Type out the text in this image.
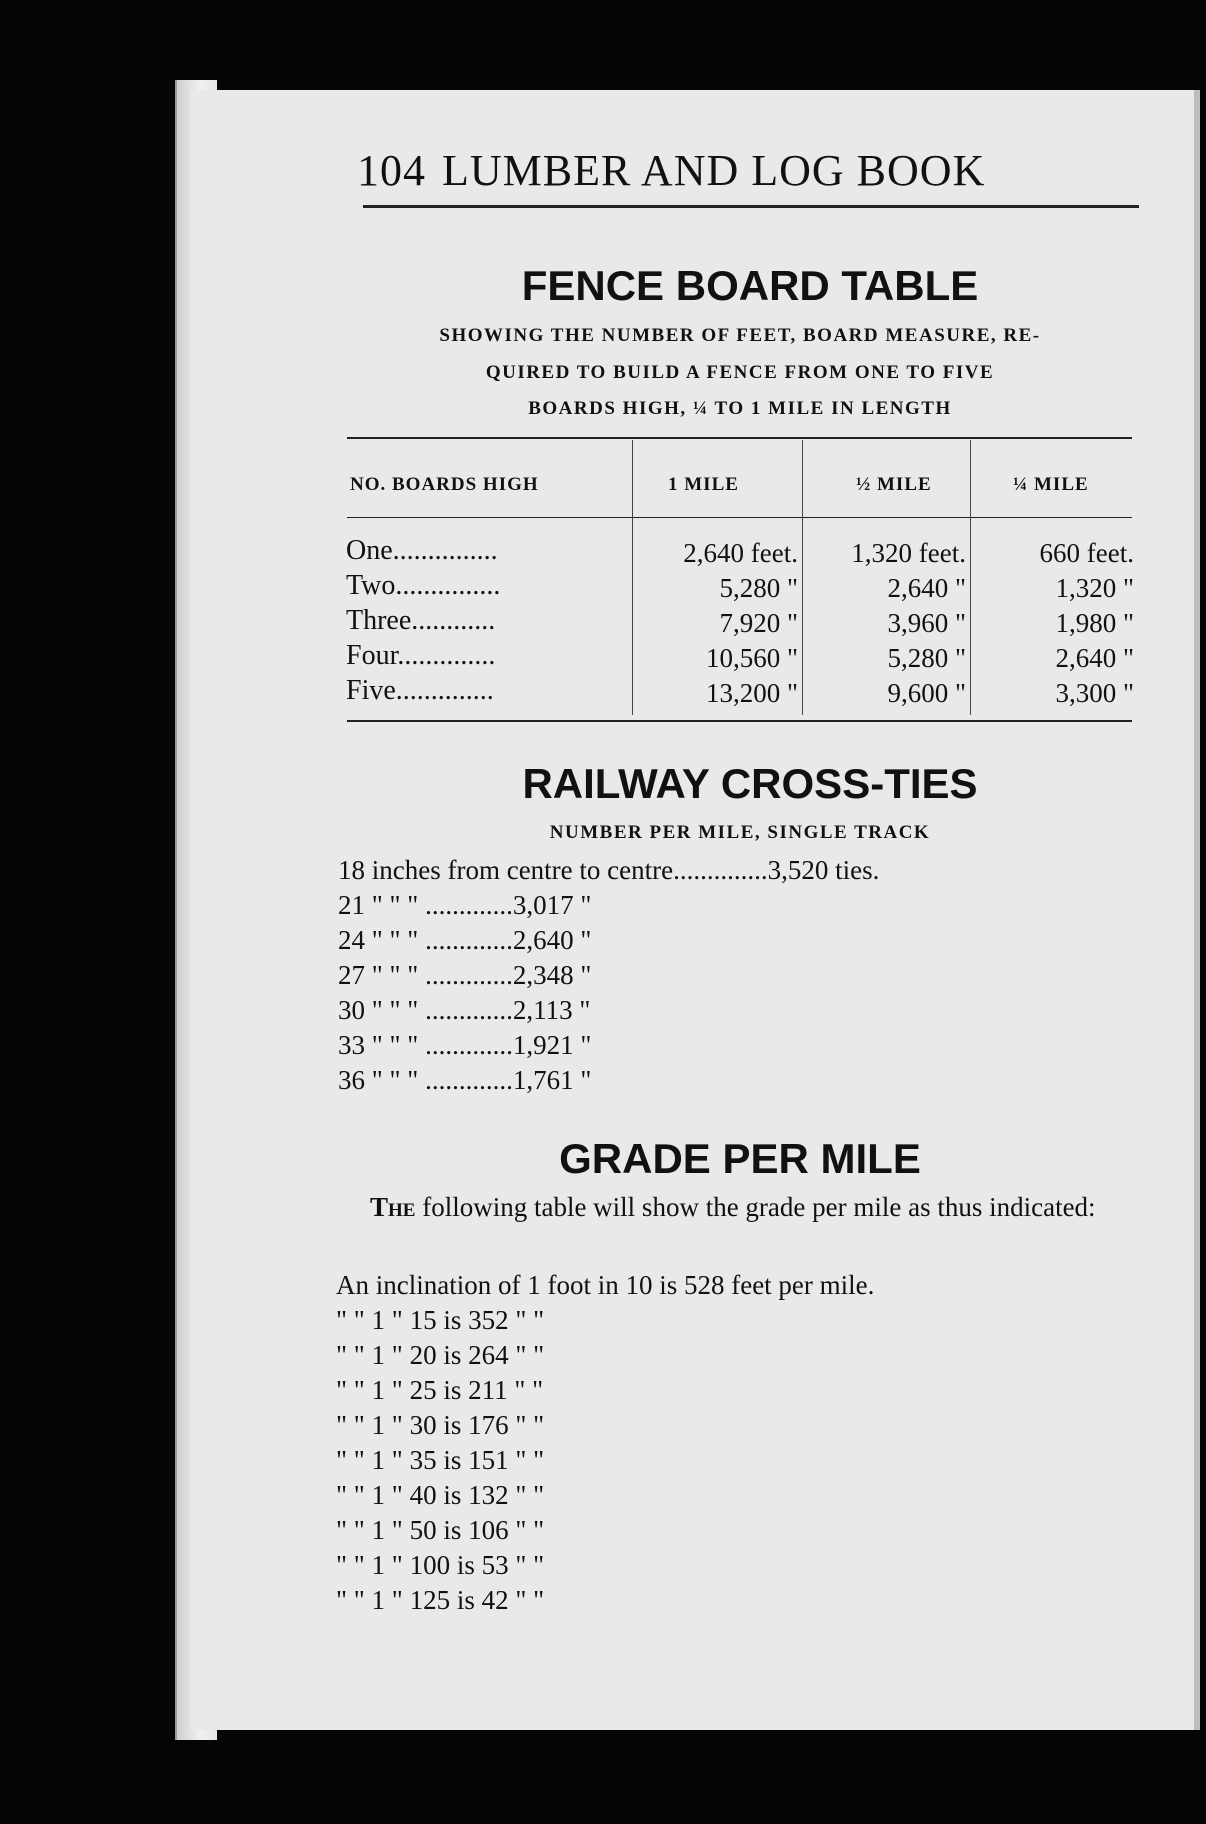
104 LUMBER AND LOG BOOK
FENCE BOARD TABLE
SHOWING THE NUMBER OF FEET, BOARD MEASURE, RE-
QUIRED TO BUILD A FENCE FROM ONE TO FIVE
BOARDS HIGH, ¼ TO 1 MILE IN LENGTH
NO. BOARDS HIGH	1 MILE	½ MILE	¼ MILE
One...............	2,640 feet.	1,320 feet.	660 feet.
Two...............	5,280 "	2,640 "	1,320 "
Three............	7,920 "	3,960 "	1,980 "
Four..............	10,560 "	5,280 "	2,640 "
Five..............	13,200 "	9,600 "	3,300 "
RAILWAY CROSS-TIES
NUMBER PER MILE, SINGLE TRACK
18 inches from centre to centre..............3,520 ties.
21 " " " .............3,017 "
24 " " " .............2,640 "
27 " " " .............2,348 "
30 " " " .............2,113 "
33 " " " .............1,921 "
36 " " " .............1,761 "
GRADE PER MILE
The following table will show the grade per mile as thus indicated:
An inclination of 1 foot in 10 is 528 feet per mile.
" " 1 " 15 is 352 " "
" " 1 " 20 is 264 " "
" " 1 " 25 is 211 " "
" " 1 " 30 is 176 " "
" " 1 " 35 is 151 " "
" " 1 " 40 is 132 " "
" " 1 " 50 is 106 " "
" " 1 " 100 is 53 " "
" " 1 " 125 is 42 " "
